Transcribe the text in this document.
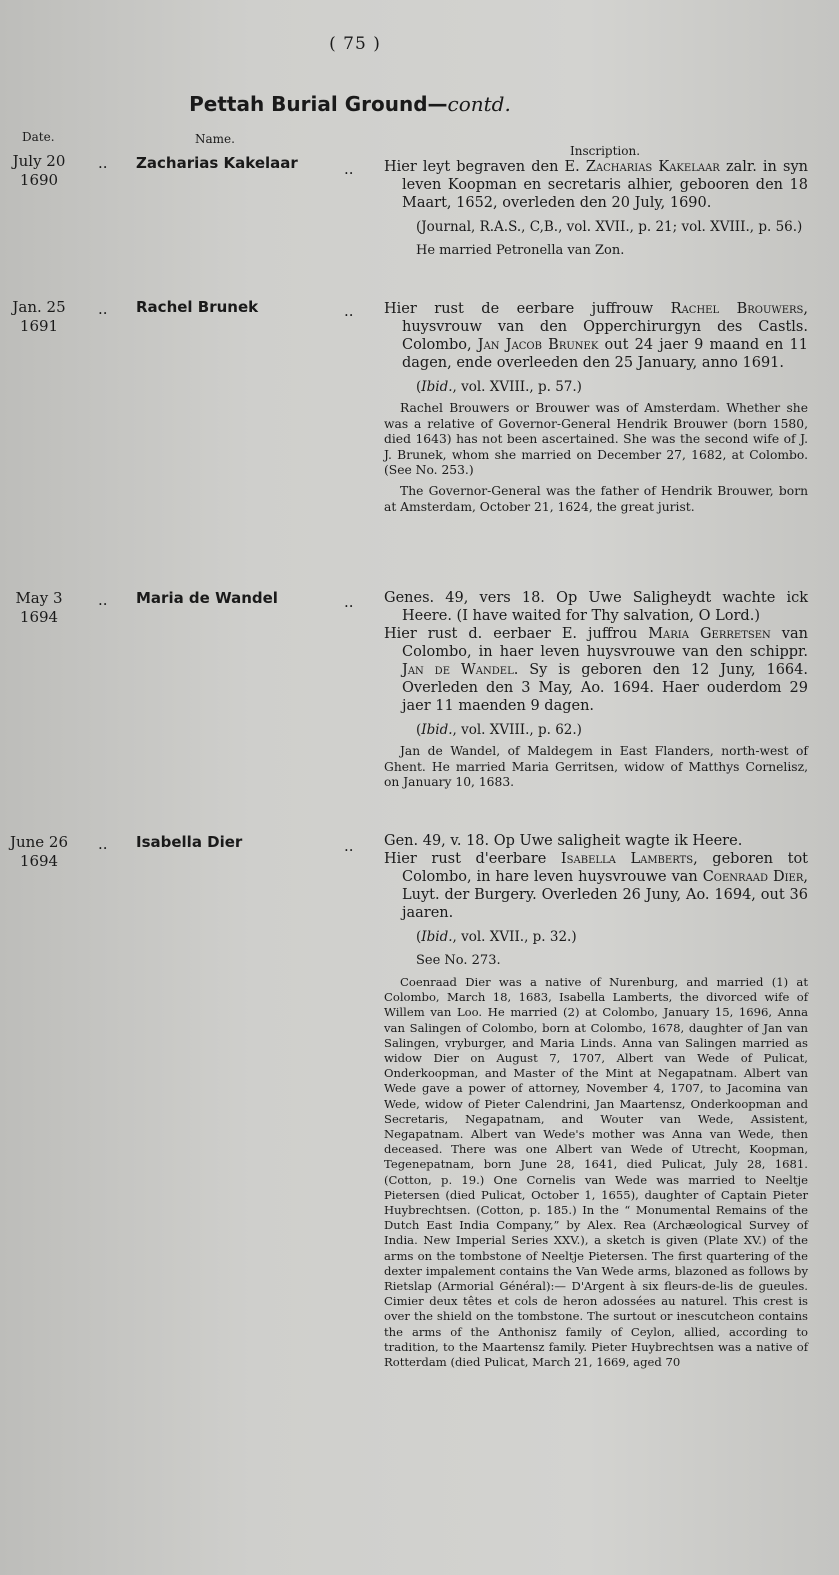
( 75 )
Pettah Burial Ground—contd.
Date.	Name.
Inscription.
July 20
1690
.. Zacharias Kakelaar	.. Hier leyt begraven den E. Zacharias Kakelaar zalr. in syn leven Koopman en secretaris alhier, gebooren den 18 Maart, 1652, overleden den 20 July, 1690.

(Journal, R.A.S., C,B., vol. XVII., p. 21; vol. XVIII., p. 56.)

He married Petronella van Zon.

Jan. 25
1691
.. Rachel Brunek	.. Hier rust de eerbare juffrouw Rachel Brouwers, huysvrouw van den Opperchirurgyn des Castls. Colombo, Jan Jacob Brunek out 24 jaer 9 maand en 11 dagen, ende overleeden den 25 January, anno 1691.

(Ibid., vol. XVIII., p. 57.)

Rachel Brouwers or Brouwer was of Amsterdam. Whether she was a relative of Governor-General Hendrik Brouwer (born 1580, died 1643) has not been ascertained. She was the second wife of J. J. Brunek, whom she married on December 27, 1682, at Colombo. (See No. 253.)

The Governor-General was the father of Hendrik Brouwer, born at Amsterdam, October 21, 1624, the great jurist.

May 3
1694
.. Maria de Wandel	.. Genes. 49, vers 18. Op Uwe Saligheydt wachte ick Heere. (I have waited for Thy salvation, O Lord.)

Hier rust d. eerbaer E. juffrou Maria Gerretsen van Colombo, in haer leven huysvrouwe van den schippr. Jan de Wandel. Sy is geboren den 12 Juny, 1664. Overleden den 3 May, Ao. 1694. Haer ouderdom 29 jaer 11 maenden 9 dagen.

(Ibid., vol. XVIII., p. 62.)

Jan de Wandel, of Maldegem in East Flanders, north-west of Ghent. He married Maria Gerritsen, widow of Matthys Cornelisz, on January 10, 1683.

June 26
1694
.. Isabella Dier	.. Gen. 49, v. 18. Op Uwe saligheit wagte ik Heere.

Hier rust d'eerbare Isabella Lamberts, geboren tot Colombo, in hare leven huysvrouwe van Coenraad Dier, Luyt. der Burgery. Overleden 26 Juny, Ao. 1694, out 36 jaaren.

(Ibid., vol. XVII., p. 32.)

See No. 273.

Coenraad Dier was a native of Nurenburg, and married (1) at Colombo, March 18, 1683, Isabella Lamberts, the divorced wife of Willem van Loo. He married (2) at Colombo, January 15, 1696, Anna van Salingen of Colombo, born at Colombo, 1678, daughter of Jan van Salingen, vryburger, and Maria Linds. Anna van Salingen married as widow Dier on August 7, 1707, Albert van Wede of Pulicat, Onderkoopman, and Master of the Mint at Negapatnam. Albert van Wede gave a power of attorney, November 4, 1707, to Jacomina van Wede, widow of Pieter Calendrini, Jan Maartensz, Onderkoopman and Secretaris, Negapatnam, and Wouter van Wede, Assistent, Negapatnam. Albert van Wede's mother was Anna van Wede, then deceased. There was one Albert van Wede of Utrecht, Koopman, Tegenepatnam, born June 28, 1641, died Pulicat, July 28, 1681. (Cotton, p. 19.) One Cornelis van Wede was married to Neeltje Pietersen (died Pulicat, October 1, 1655), daughter of Captain Pieter Huybrechtsen. (Cotton, p. 185.) In the “ Monumental Remains of the Dutch East India Company,” by Alex. Rea (Archæological Survey of India. New Imperial Series XXV.), a sketch is given (Plate XV.) of the arms on the tombstone of Neeltje Pietersen. The first quartering of the dexter impalement contains the Van Wede arms, blazoned as follows by Rietslap (Armorial Général):— D'Argent à six fleurs-de-lis de gueules. Cimier deux têtes et cols de heron adossées au naturel. This crest is over the shield on the tombstone. The surtout or inescutcheon contains the arms of the Anthonisz family of Ceylon, allied, according to tradition, to the Maartensz family. Pieter Huybrechtsen was a native of Rotterdam (died Pulicat, March 21, 1669, aged 70
